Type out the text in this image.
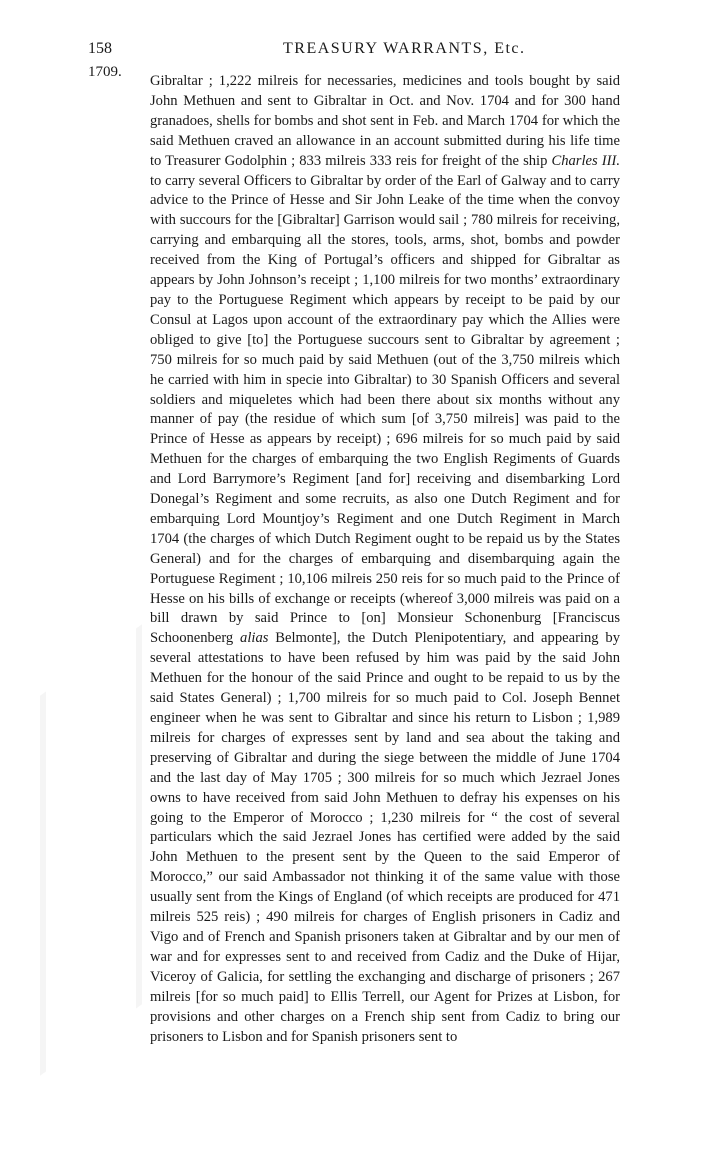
158	TREASURY WARRANTS, Etc.
1709.

Gibraltar ; 1,222 milreis for necessaries, medicines and tools bought by said John Methuen and sent to Gibraltar in Oct. and Nov. 1704 and for 300 hand granadoes, shells for bombs and shot sent in Feb. and March 1704 for which the said Methuen craved an allowance in an account submitted during his life time to Treasurer Godolphin ; 833 milreis 333 reis for freight of the ship Charles III. to carry several Officers to Gibraltar by order of the Earl of Galway and to carry advice to the Prince of Hesse and Sir John Leake of the time when the convoy with succours for the [Gibraltar] Garrison would sail ; 780 milreis for receiving, carrying and embarquing all the stores, tools, arms, shot, bombs and powder received from the King of Portugal’s officers and shipped for Gibraltar as appears by John Johnson’s receipt ; 1,100 milreis for two months’ extraordinary pay to the Portuguese Regiment which appears by receipt to be paid by our Consul at Lagos upon account of the extraordinary pay which the Allies were obliged to give [to] the Portuguese succours sent to Gibraltar by agreement ; 750 milreis for so much paid by said Methuen (out of the 3,750 milreis which he carried with him in specie into Gibraltar) to 30 Spanish Officers and several soldiers and miqueletes which had been there about six months without any manner of pay (the residue of which sum [of 3,750 milreis] was paid to the Prince of Hesse as appears by receipt) ; 696 milreis for so much paid by said Methuen for the charges of embarquing the two English Regiments of Guards and Lord Barrymore’s Regiment [and for] receiving and disembarking Lord Donegal’s Regiment and some recruits, as also one Dutch Regiment and for embarquing Lord Mountjoy’s Regiment and one Dutch Regiment in March 1704 (the charges of which Dutch Regiment ought to be repaid us by the States General) and for the charges of embarquing and disembarquing again the Portuguese Regiment ; 10,106 milreis 250 reis for so much paid to the Prince of Hesse on his bills of exchange or receipts (whereof 3,000 milreis was paid on a bill drawn by said Prince to [on] Monsieur Schonenburg [Franciscus Schoonenberg alias Belmonte], the Dutch Plenipotentiary, and appearing by several attestations to have been refused by him was paid by the said John Methuen for the honour of the said Prince and ought to be repaid to us by the said States General) ; 1,700 milreis for so much paid to Col. Joseph Bennet engineer when he was sent to Gibraltar and since his return to Lisbon ; 1,989 milreis for charges of expresses sent by land and sea about the taking and preserving of Gibraltar and during the siege between the middle of June 1704 and the last day of May 1705 ; 300 milreis for so much which Jezrael Jones owns to have received from said John Methuen to defray his expenses on his going to the Emperor of Morocco ; 1,230 milreis for “ the cost of several particulars which the said Jezrael Jones has certified were added by the said John Methuen to the present sent by the Queen to the said Emperor of Morocco,” our said Ambassador not thinking it of the same value with those usually sent from the Kings of England (of which receipts are produced for 471 milreis 525 reis) ; 490 milreis for charges of English prisoners in Cadiz and Vigo and of French and Spanish prisoners taken at Gibraltar and by our men of war and for expresses sent to and received from Cadiz and the Duke of Hijar, Viceroy of Galicia, for settling the exchanging and discharge of prisoners ; 267 milreis [for so much paid] to Ellis Terrell, our Agent for Prizes at Lisbon, for provisions and other charges on a French ship sent from Cadiz to bring our prisoners to Lisbon and for Spanish prisoners sent to
